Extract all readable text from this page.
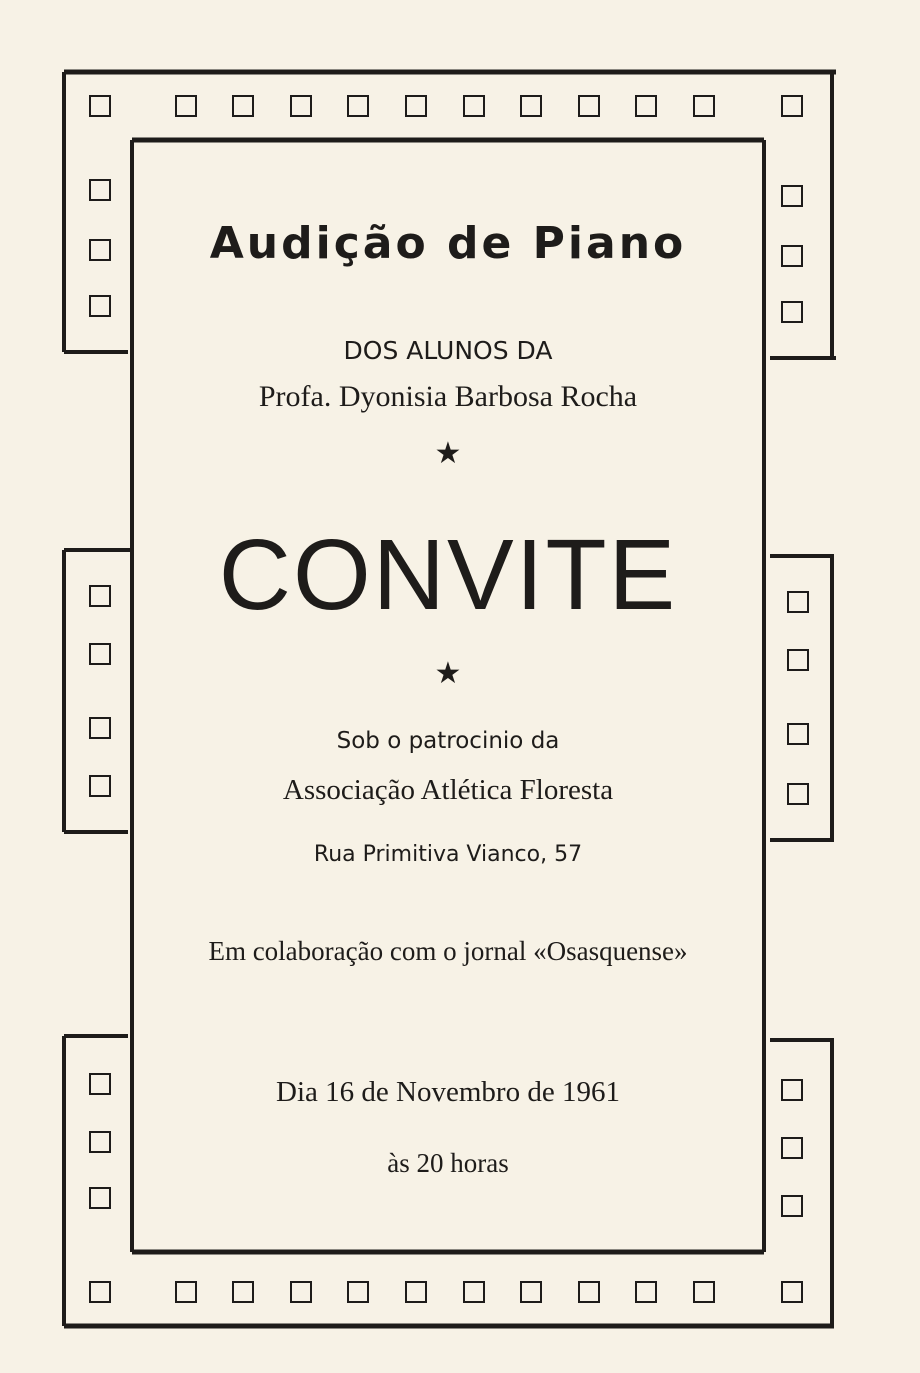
Audição de Piano
DOS ALUNOS DA
Profa. Dyonisia Barbosa Rocha
★
CONVITE
★
Sob o patrocinio da
Associação Atlética Floresta
Rua Primitiva Vianco, 57
Em colaboração com o jornal «Osasquense»
Dia 16 de Novembro de 1961
às 20 horas
